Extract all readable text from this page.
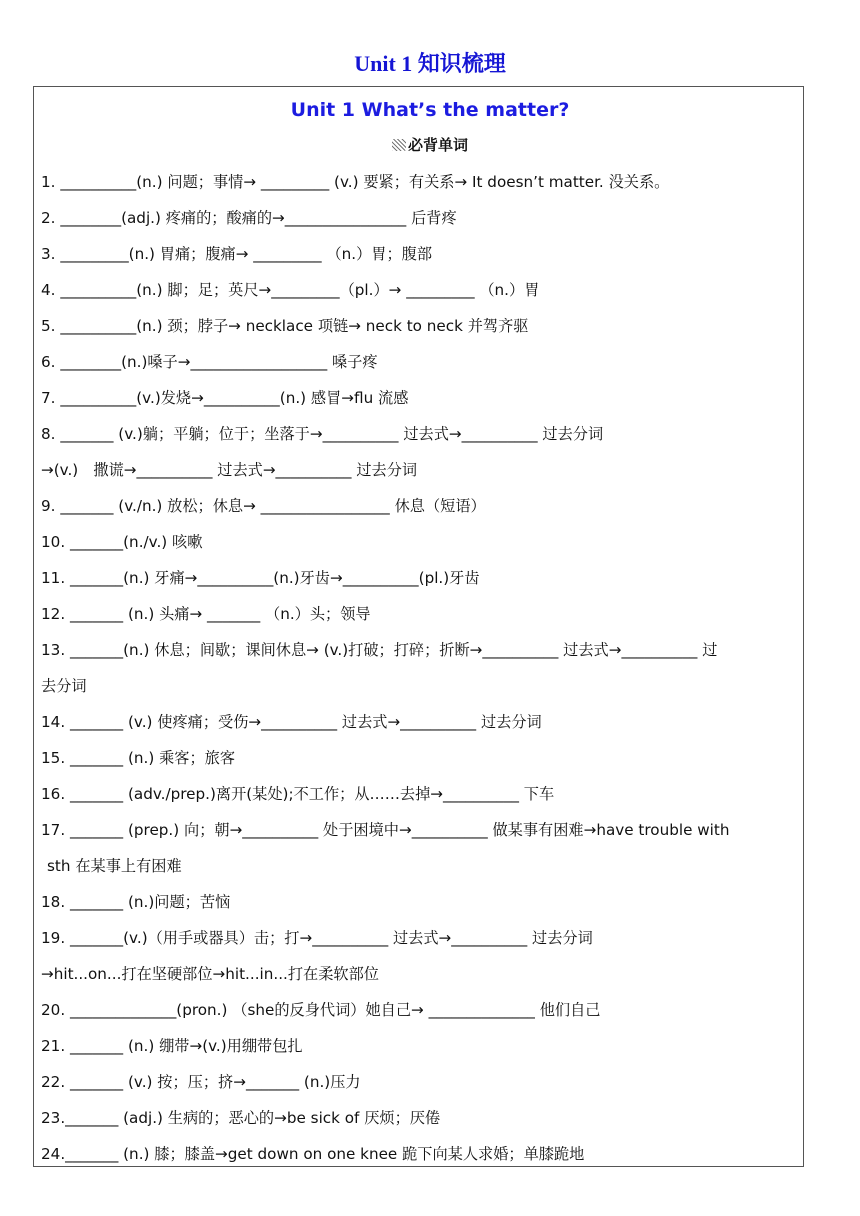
Unit 1 知识梳理
Unit 1 What’s the matter?
必背单词
1. __________(n.) 问题；事情→ _________ (v.) 要紧；有关系→ It doesn’t matter. 没关系。
2. ________(adj.) 疼痛的；酸痛的→________________ 后背疼
3. _________(n.) 胃痛；腹痛→ _________ （n.）胃；腹部
4. __________(n.) 脚；足；英尺→_________（pl.）→ _________ （n.）胃
5. __________(n.) 颈；脖子→ necklace 项链→ neck to neck 并驾齐驱
6. ________(n.)嗓子→__________________ 嗓子疼
7. __________(v.)发烧→__________(n.) 感冒→flu 流感
8. _______ (v.)躺；平躺；位于；坐落于→__________ 过去式→__________ 过去分词
→(v.)　撒谎→__________ 过去式→__________ 过去分词
9. _______ (v./n.) 放松；休息→ _________________ 休息（短语）
10. _______(n./v.) 咳嗽
11. _______(n.) 牙痛→__________(n.)牙齿→__________(pl.)牙齿
12. _______ (n.) 头痛→ _______ （n.）头；领导
13. _______(n.) 休息；间歇；课间休息→ (v.)打破；打碎；折断→__________ 过去式→__________ 过
去分词
14. _______ (v.) 使疼痛；受伤→__________ 过去式→__________ 过去分词
15. _______ (n.) 乘客；旅客
16. _______ (adv./prep.)离开(某处);不工作；从……去掉→__________ 下车
17. _______ (prep.) 向；朝→__________ 处于困境中→__________ 做某事有困难→have trouble with
sth 在某事上有困难
18. _______ (n.)问题；苦恼
19. _______(v.)（用手或器具）击；打→__________ 过去式→__________ 过去分词
→hit...on...打在坚硬部位→hit...in...打在柔软部位
20. ______________(pron.) （she的反身代词）她自己→ ______________ 他们自己
21. _______ (n.) 绷带→(v.)用绷带包扎
22. _______ (v.) 按；压；挤→_______ (n.)压力
23._______ (adj.) 生病的；恶心的→be sick of 厌烦；厌倦
24._______ (n.) 膝；膝盖→get down on one knee 跪下向某人求婚；单膝跪地
